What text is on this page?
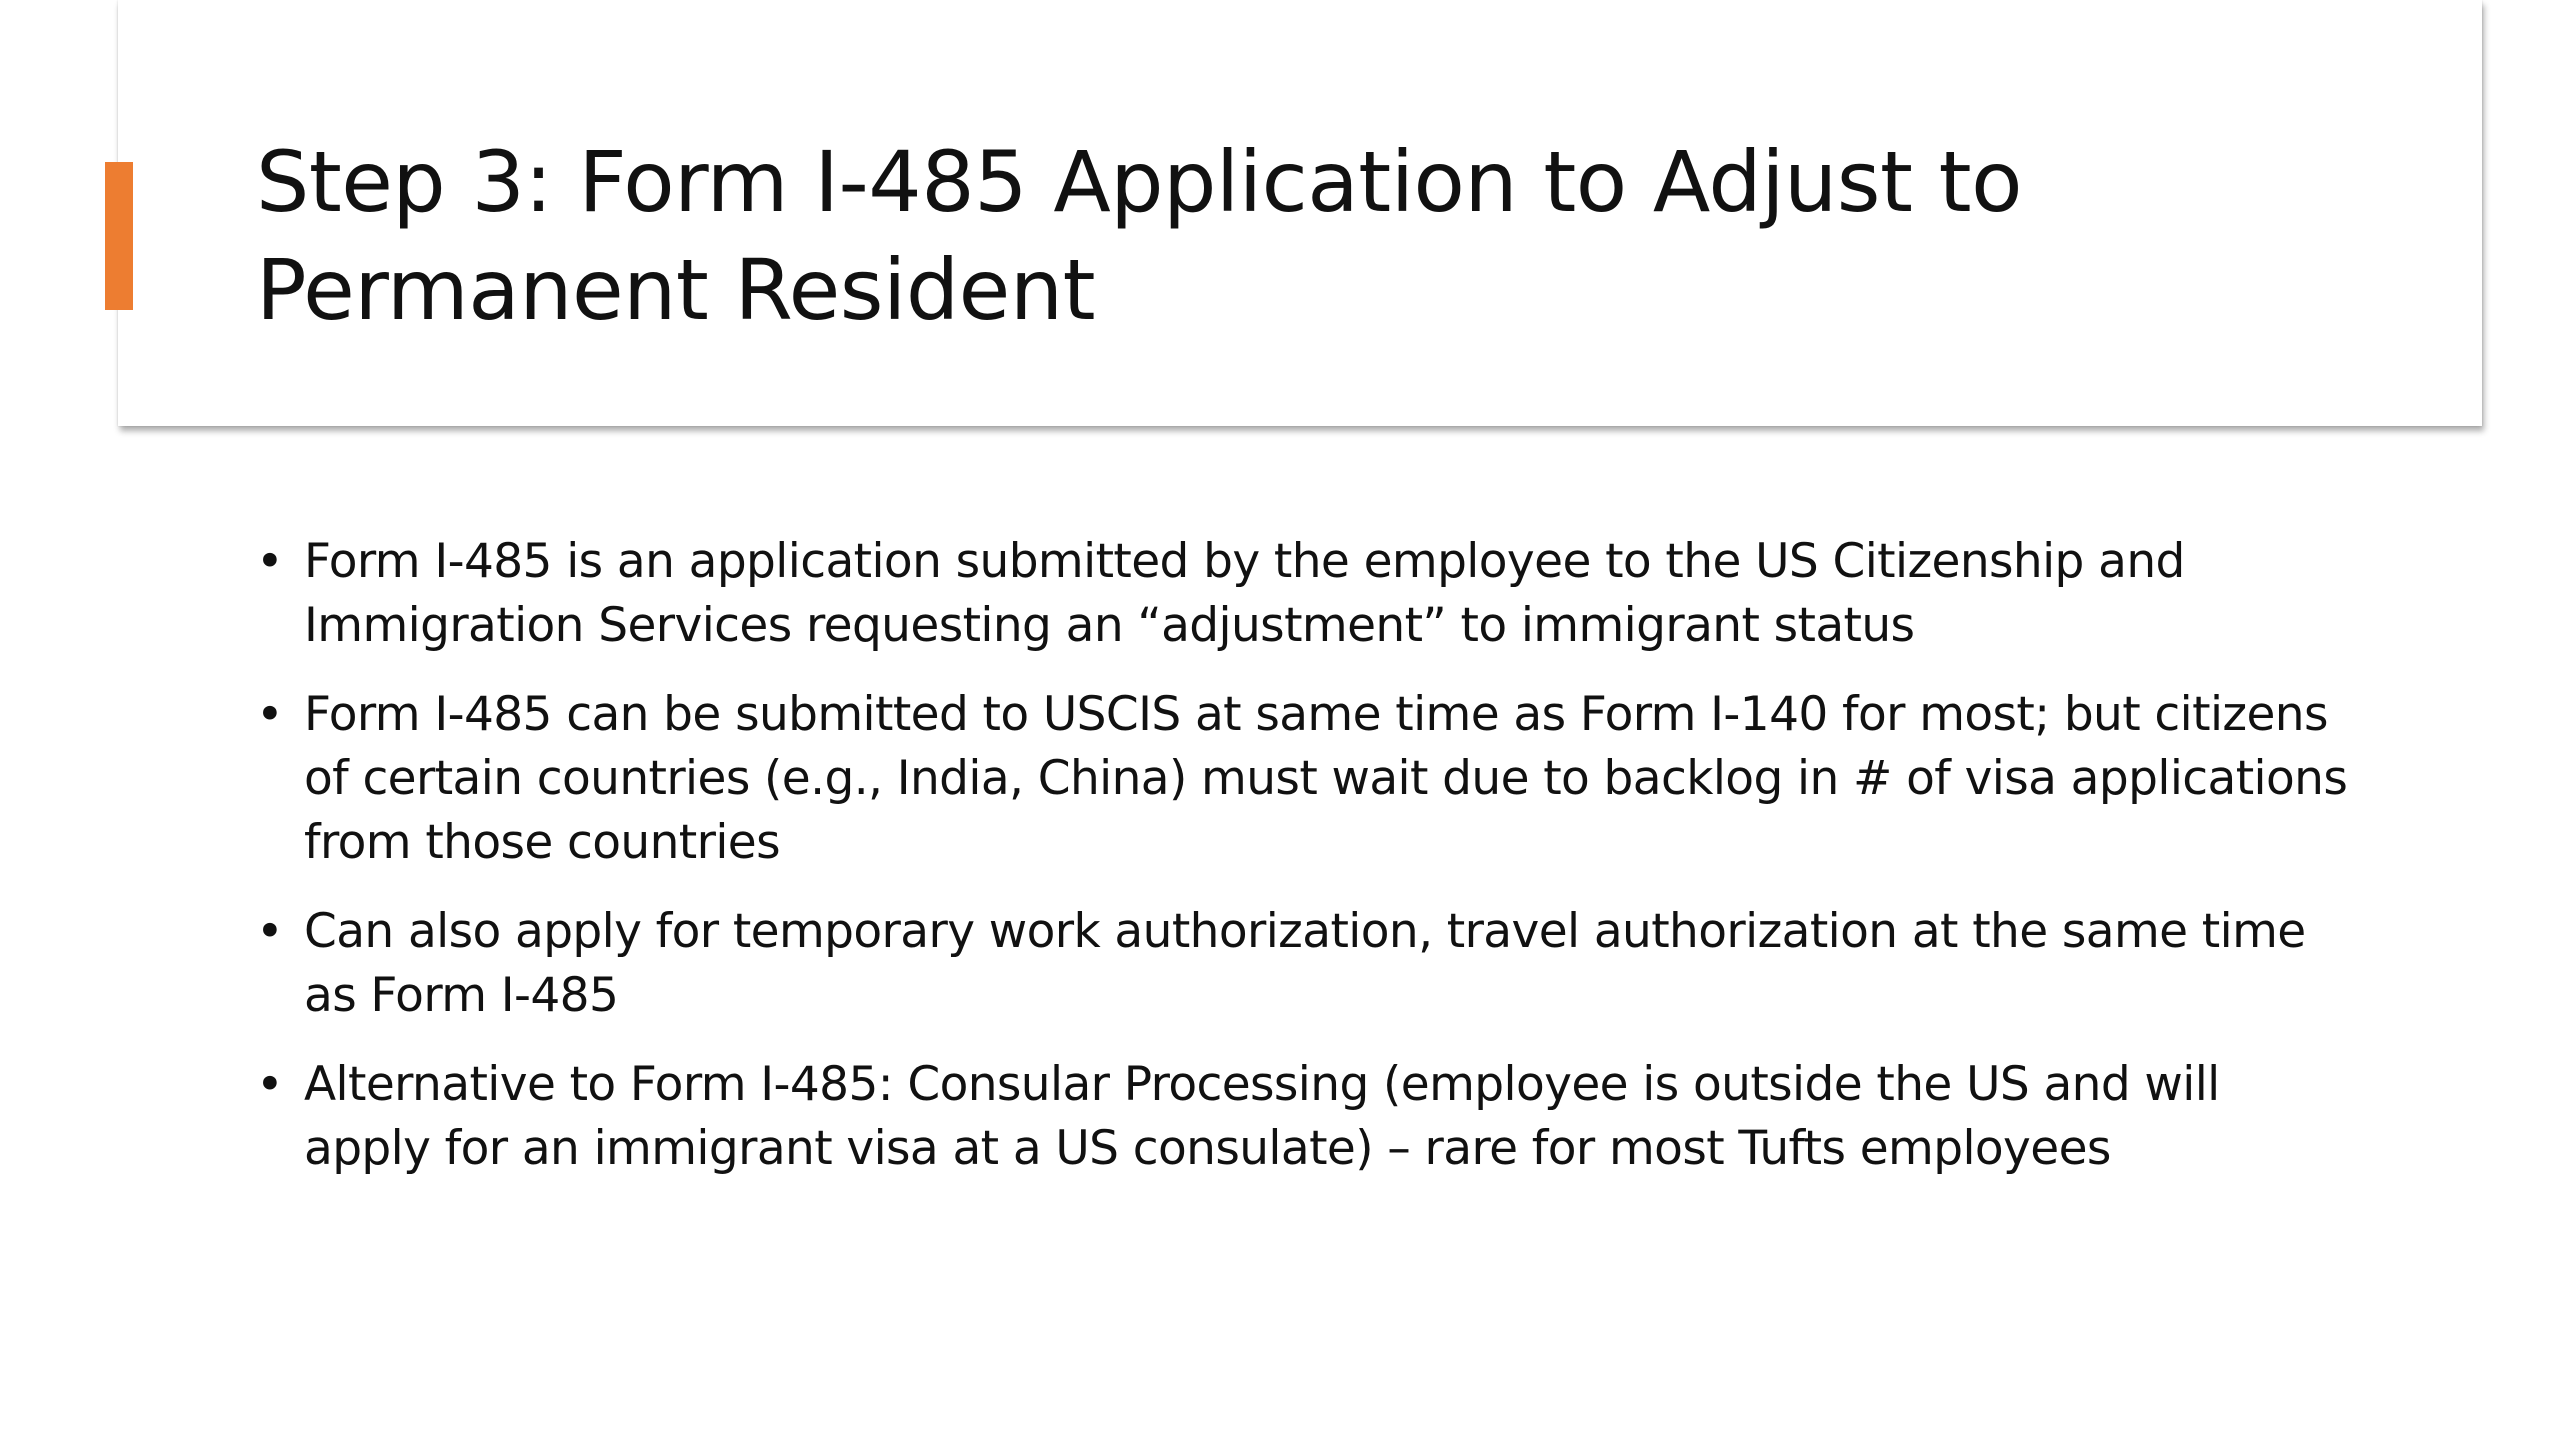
Step 3: Form I-485 Application to Adjust to Permanent Resident
• Form I-485 is an application submitted by the employee to the US Citizenship and Immigration Services requesting an “adjustment” to immigrant status
• Form I-485 can be submitted to USCIS at same time as Form I-140 for most; but citizens of certain countries (e.g., India, China) must wait due to backlog in # of visa applications from those countries
• Can also apply for temporary work authorization, travel authorization at the same time as Form I-485
• Alternative to Form I-485: Consular Processing (employee is outside the US and will apply for an immigrant visa at a US consulate) – rare for most Tufts employees
